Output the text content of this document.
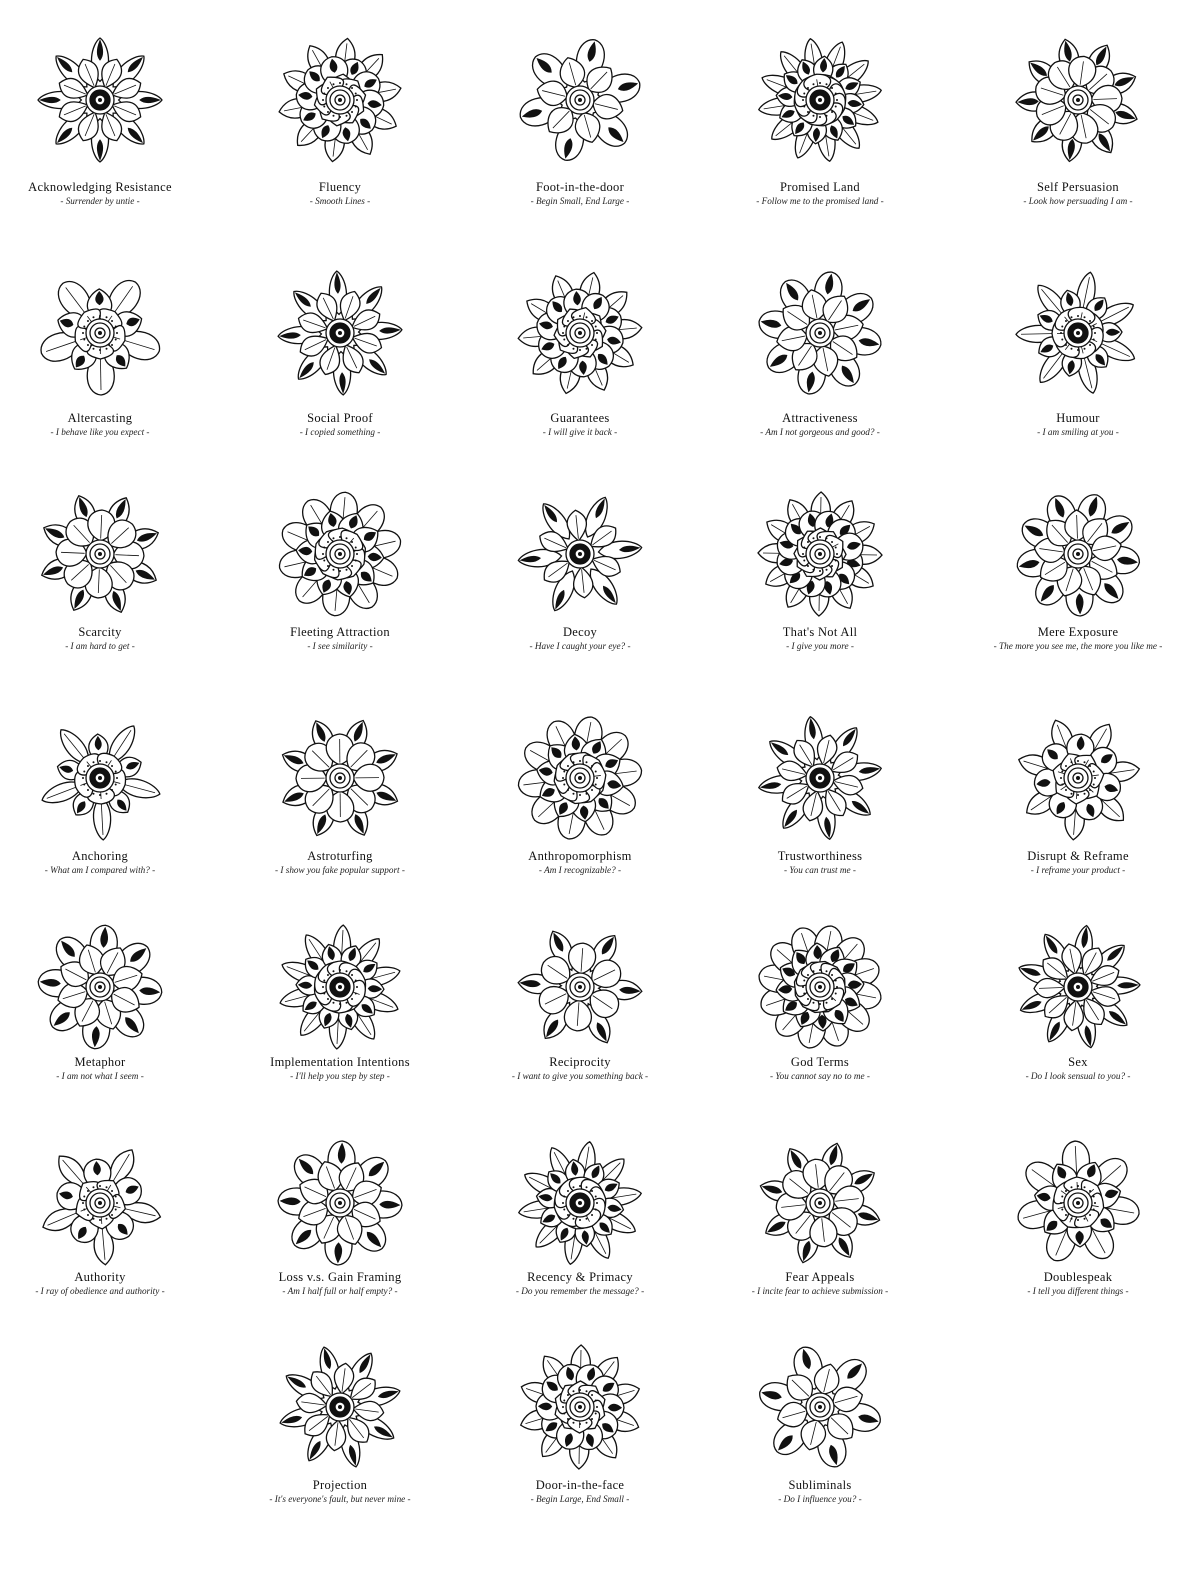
Acknowledging Resistance
- Surrender by untie -
Fluency
- Smooth Lines -
Foot-in-the-door
- Begin Small, End Large -
Promised Land
- Follow me to the promised land -
Self Persuasion
- Look how persuading I am -
Altercasting
- I behave like you expect -
Social Proof
- I copied something -
Guarantees
- I will give it back -
Attractiveness
- Am I not gorgeous and good? -
Humour
- I am smiling at you -
Scarcity
- I am hard to get -
Fleeting Attraction
- I see similarity -
Decoy
- Have I caught your eye? -
That's Not All
- I give you more -
Mere Exposure
- The more you see me, the more you like me -
Anchoring
- What am I compared with? -
Astroturfing
- I show you fake popular support -
Anthropomorphism
- Am I recognizable? -
Trustworthiness
- You can trust me -
Disrupt & Reframe
- I reframe your product -
Metaphor
- I am not what I seem -
Implementation Intentions
- I'll help you step by step -
Reciprocity
- I want to give you something back -
God Terms
- You cannot say no to me -
Sex
- Do I look sensual to you? -
Authority
- I ray of obedience and authority -
Loss v.s. Gain Framing
- Am I half full or half empty? -
Recency & Primacy
- Do you remember the message? -
Fear Appeals
- I incite fear to achieve submission -
Doublespeak
- I tell you different things -
Projection
- It's everyone's fault, but never mine -
Door-in-the-face
- Begin Large, End Small -
Subliminals
- Do I influence you? -
